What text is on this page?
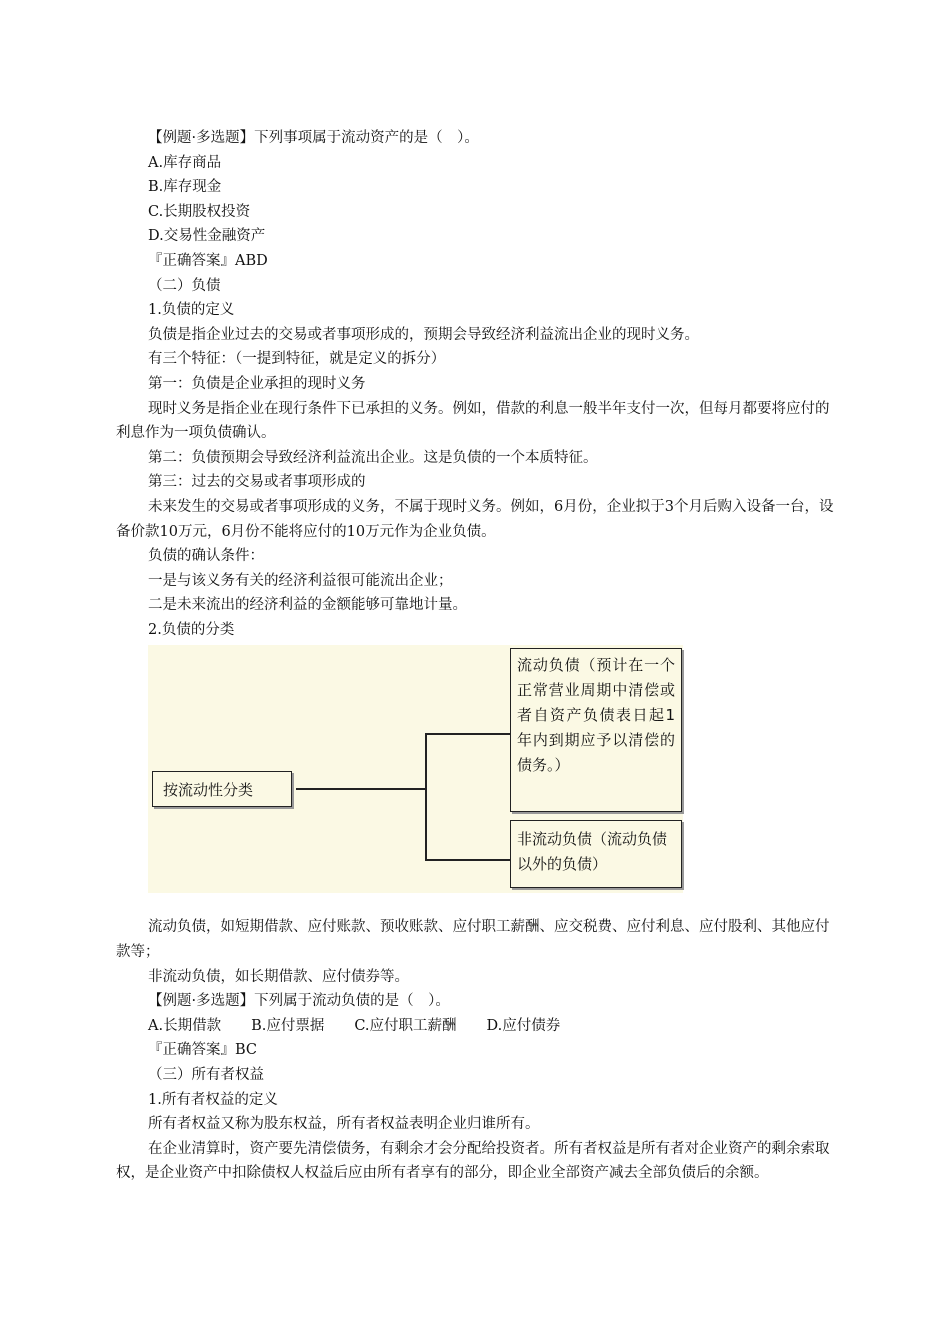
【例题·多选题】下列事项属于流动资产的是（　）。

A.库存商品

B.库存现金

C.长期股权投资

D.交易性金融资产

『正确答案』ABD

（二）负债

1.负债的定义

负债是指企业过去的交易或者事项形成的，预期会导致经济利益流出企业的现时义务。

有三个特征：（一提到特征，就是定义的拆分）

第一：负债是企业承担的现时义务

现时义务是指企业在现行条件下已承担的义务。例如，借款的利息一般半年支付一次，但每月都要将应付的利息作为一项负债确认。

第二：负债预期会导致经济利益流出企业。这是负债的一个本质特征。

第三：过去的交易或者事项形成的

未来发生的交易或者事项形成的义务，不属于现时义务。例如，6月份，企业拟于3个月后购入设备一台，设备价款10万元，6月份不能将应付的10万元作为企业负债。

负债的确认条件：

一是与该义务有关的经济利益很可能流出企业；

二是未来流出的经济利益的金额能够可靠地计量。

2.负债的分类

按流动性分类
流动负债（预计在一个正常营业周期中清偿或者自资产负债表日起1年内到期应予以清偿的债务。）
非流动负债（流动负债以外的负债）

流动负债，如短期借款、应付账款、预收账款、应付职工薪酬、应交税费、应付利息、应付股利、其他应付款等；

非流动负债，如长期借款、应付债券等。

【例题·多选题】下列属于流动负债的是（　）。

A.长期借款 B.应付票据 C.应付职工薪酬 D.应付债券

『正确答案』BC

（三）所有者权益

1.所有者权益的定义

所有者权益又称为股东权益，所有者权益表明企业归谁所有。

在企业清算时，资产要先清偿债务，有剩余才会分配给投资者。所有者权益是所有者对企业资产的剩余索取权，是企业资产中扣除债权人权益后应由所有者享有的部分，即企业全部资产减去全部负债后的余额。
